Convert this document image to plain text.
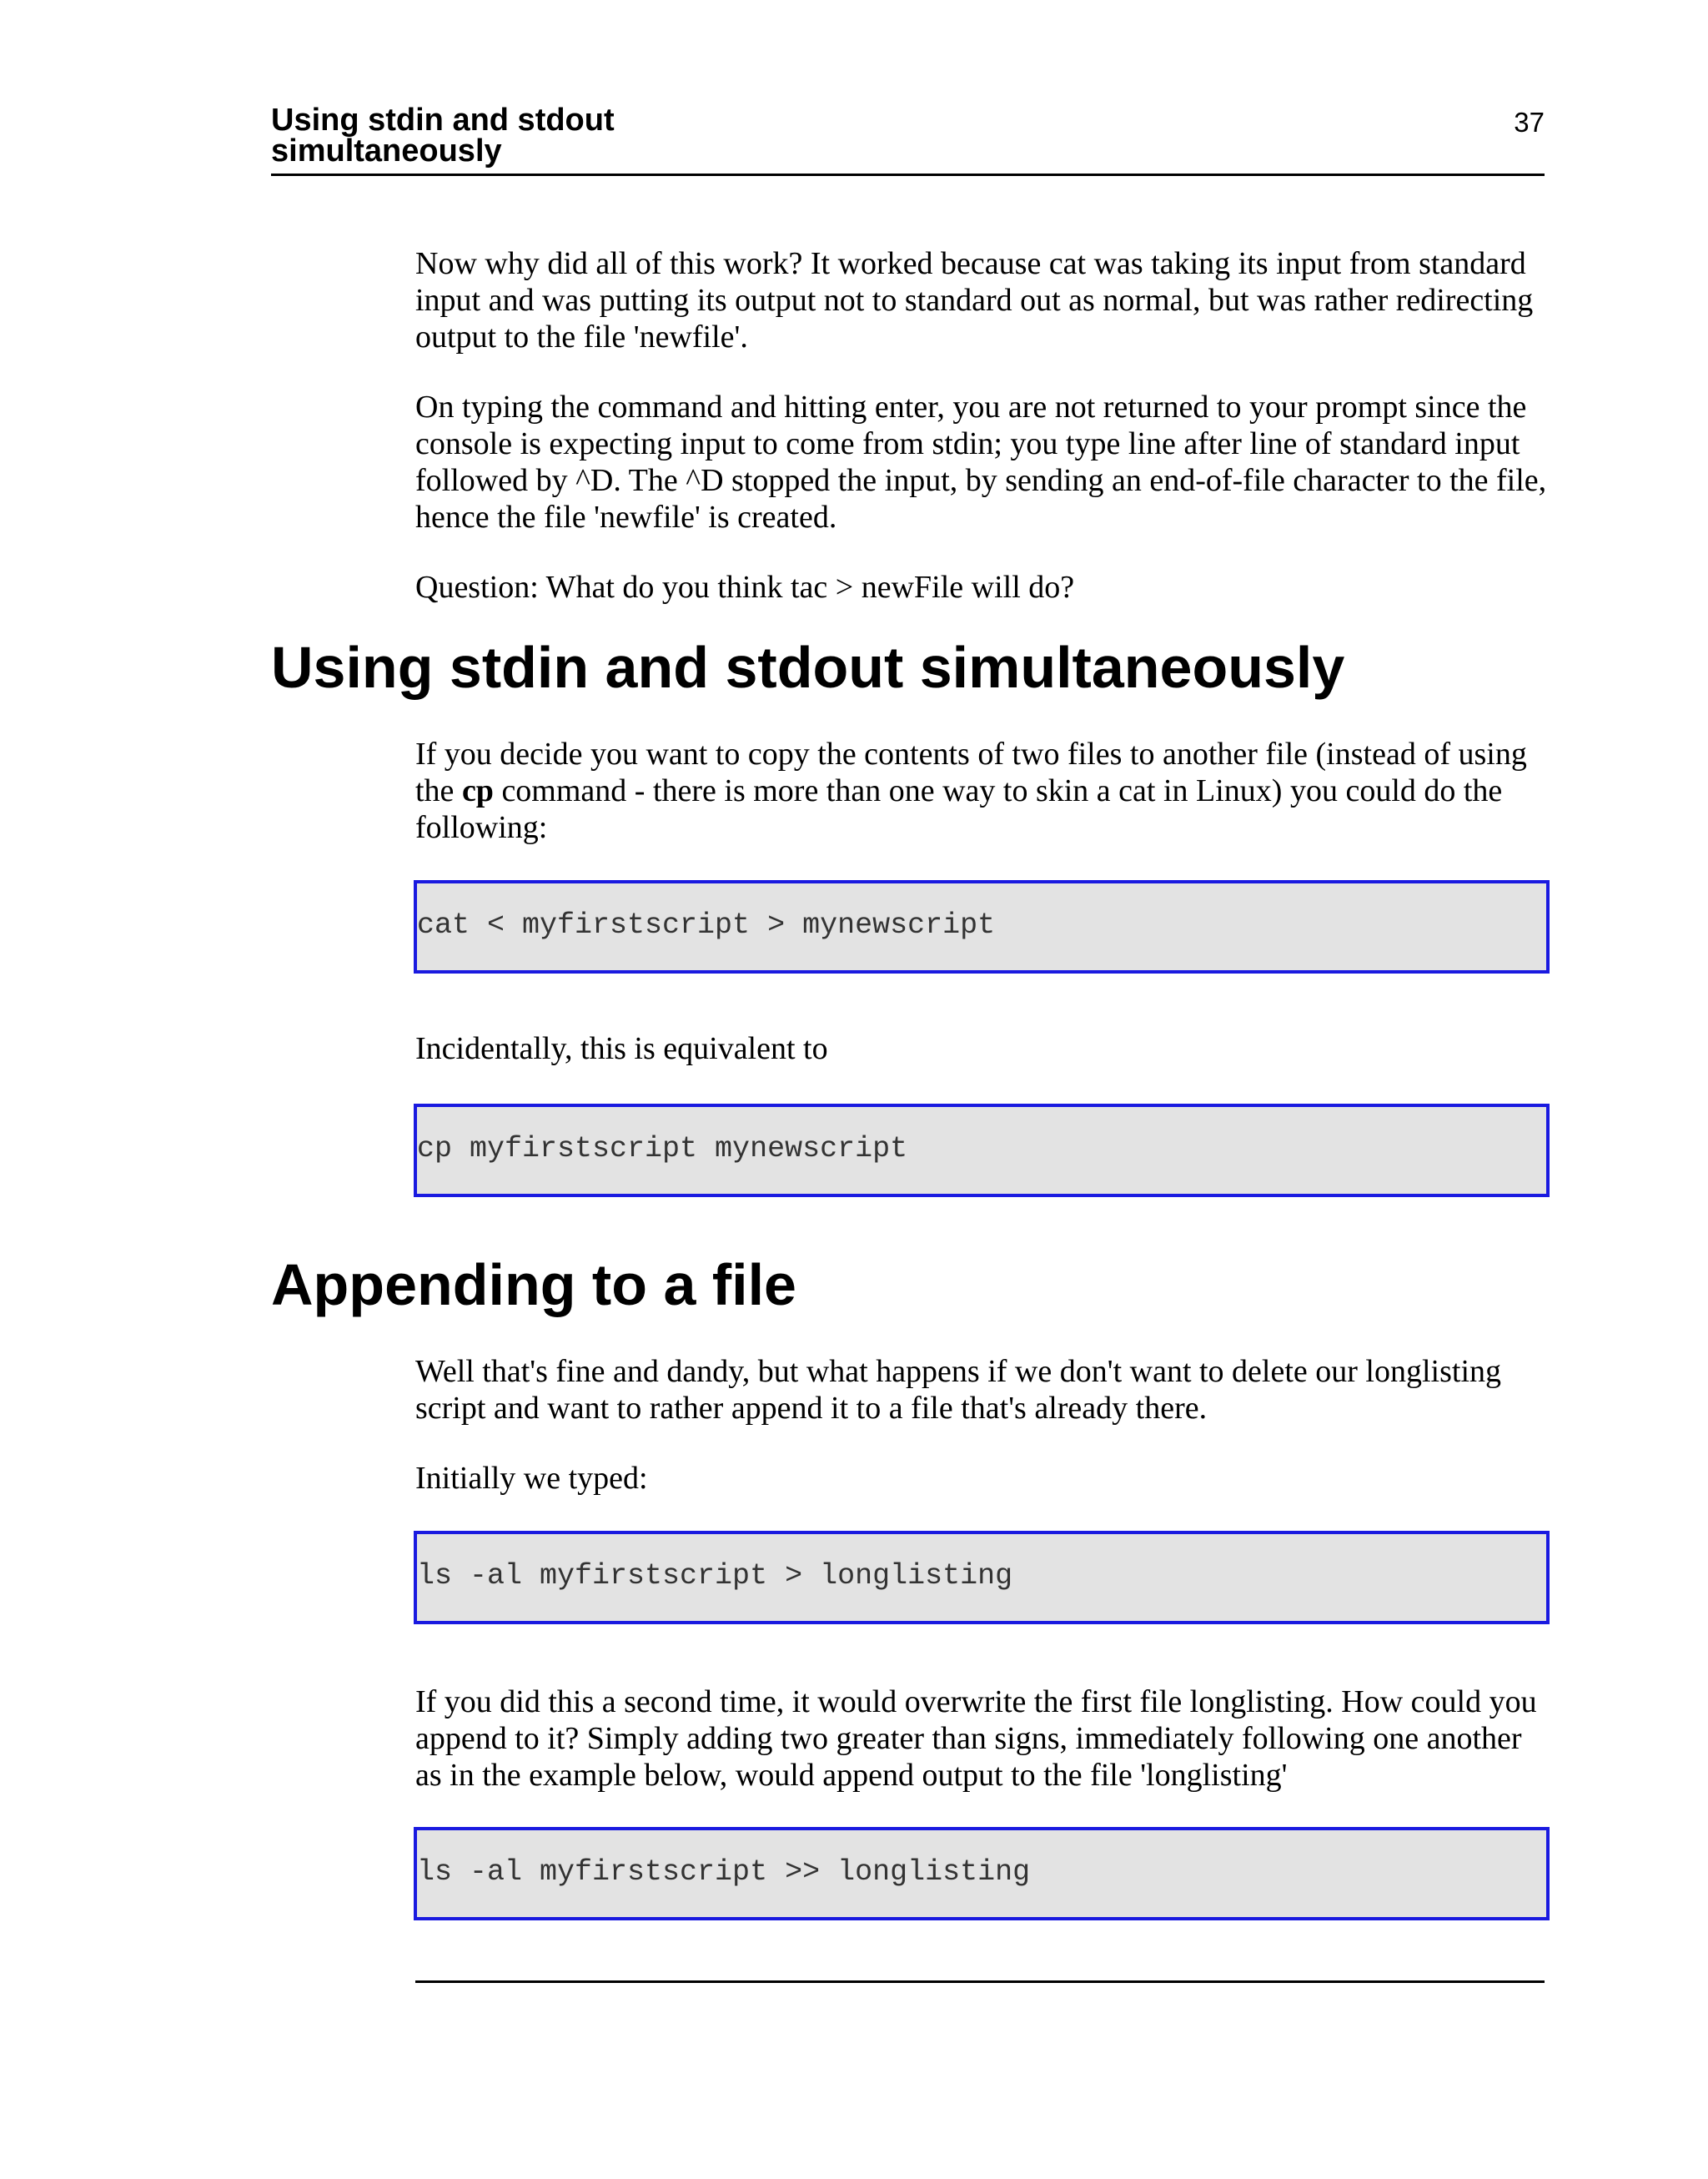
Using stdin and stdout
simultaneously
37

Now why did all of this work? It worked because cat was taking its input from standard input and was putting its output not to standard out as normal, but was rather redirecting output to the file 'newfile'.

On typing the command and hitting enter, you are not returned to your prompt since the console is expecting input to come from stdin; you type line after line of standard input followed by ^D. The ^D stopped the input, by sending an end-of-file character to the file, hence the file 'newfile' is created.

Question: What do you think tac > newFile will do?

Using stdin and stdout simultaneously

If you decide you want to copy the contents of two files to another file (instead of using the cp command - there is more than one way to skin a cat in Linux) you could do the following:

cat < myfirstscript > mynewscript

Incidentally, this is equivalent to

cp myfirstscript mynewscript
Appending to a file

Well that's fine and dandy, but what happens if we don't want to delete our longlisting script and want to rather append it to a file that's already there.

Initially we typed:

ls -al myfirstscript > longlisting

If you did this a second time, it would overwrite the first file longlisting. How could you append to it? Simply adding two greater than signs, immediately following one another as in the example below, would append output to the file 'longlisting'

ls -al myfirstscript >> longlisting
